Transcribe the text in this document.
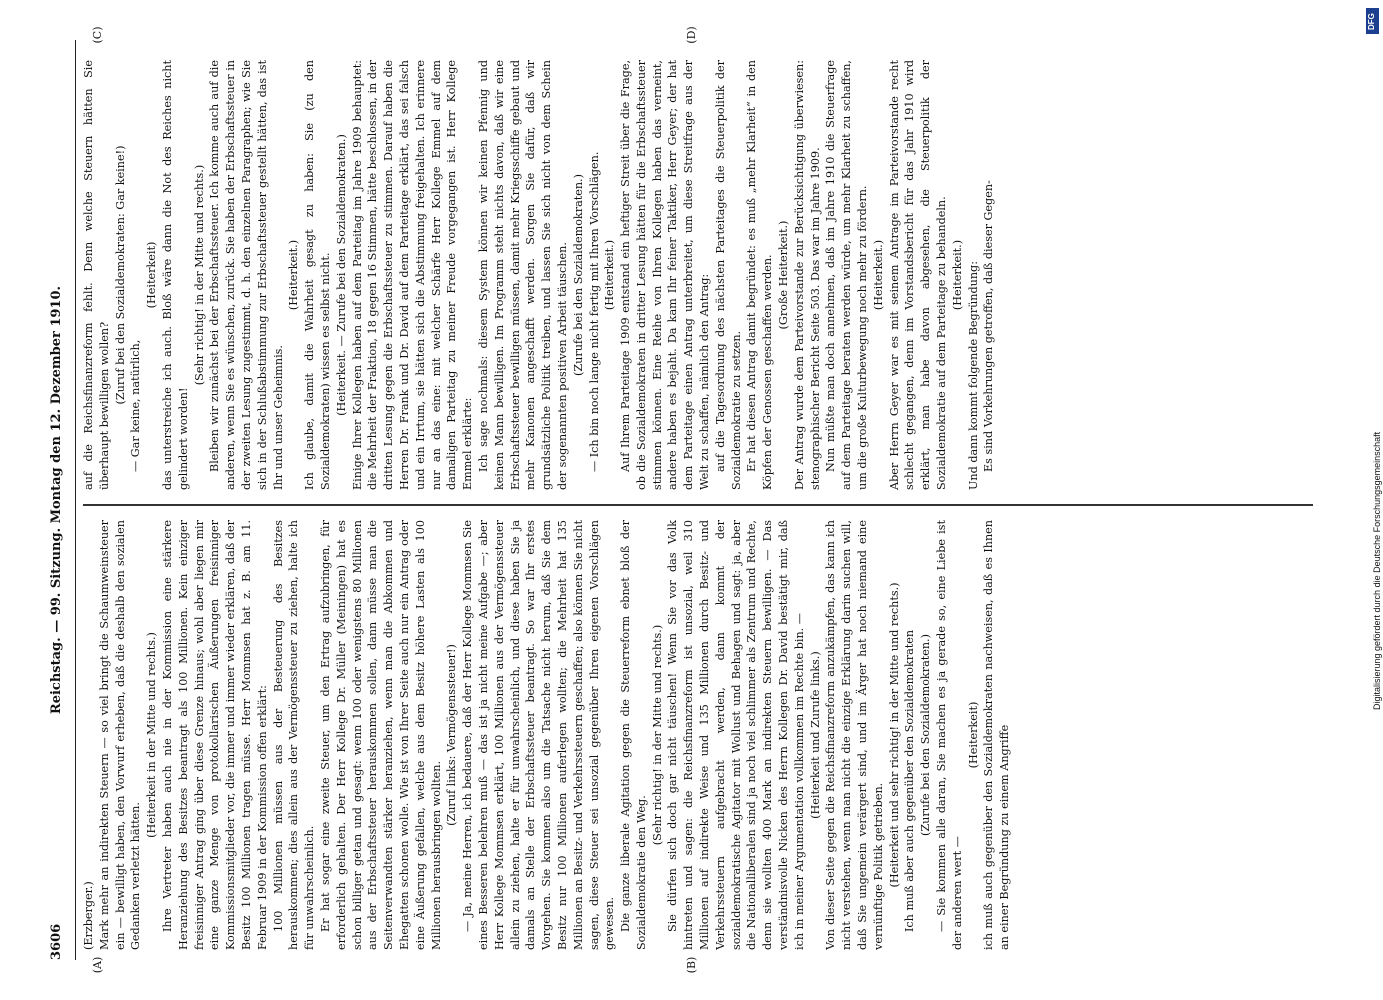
3606
Reichstag. — 99. Sitzung. Montag den 12. Dezember 1910.
(A)	(B)
(C)	(D)

(Erzberger.) Mark mehr an indirekten Steuern — so viel bringt die Schaumweinsteuer ein — bewilligt haben, den Vorwurf erheben, daß die deshalb den sozialen Gedanken verletzt hätten.

(Heiterkeit in der Mitte und rechts.) Ihre Vertreter haben auch nie in der Kommission eine stärkere Heranziehung des Besitzes beantragt als 100 Millionen. Kein einziger freisinniger Antrag ging über diese Grenze hinaus; wohl aber liegen mir eine ganze Menge von protokollarischen Äußerungen freisinniger Kommissionsmitglieder vor, die immer und immer wieder erklären, daß der Besitz 100 Millionen tragen müsse. Herr Mommsen hat z. B. am 11. Februar 1909 in der Kommission offen erklärt: 100 Millionen müssen aus der Besteuerung des Besitzes herauskommen; dies allein aus der Vermögenssteuer zu ziehen, halte ich für unwahrscheinlich. Er hat sogar eine zweite Steuer, um den Ertrag aufzubringen, für erforderlich gehalten. Der Herr Kollege Dr. Müller (Meiningen) hat es schon billiger getan und gesagt: wenn 100 oder wenigstens 80 Millionen aus der Erbschaftssteuer herauskommen sollen, dann müsse man die Seitenverwandten stärker heranziehen, wenn man die Abkommen und Ehegatten schonen wolle. Wie ist von Ihrer Seite auch nur ein Antrag oder eine Äußerung gefallen, welche aus dem Besitz höhere Lasten als 100 Millionen herausbringen wollten.

(Zuruf links: Vermögenssteuer!) — Ja, meine Herren, ich bedauere, daß der Herr Kollege Mommsen Sie eines Besseren belehren muß — das ist ja nicht meine Aufgabe —; aber Herr Kollege Mommsen erklärt, 100 Millionen aus der Vermögenssteuer allein zu ziehen, halte er für unwahrscheinlich, und diese haben Sie ja damals an Stelle der Erbschaftssteuer beantragt. So war Ihr erstes Vorgehen. Sie kommen also um die Tatsache nicht herum, daß Sie dem Besitz nur 100 Millionen auferlegen wollten; die Mehrheit hat 135 Millionen an Besitz- und Verkehrssteuern geschaffen; also können Sie nicht sagen, diese Steuer sei unsozial gegenüber Ihren eigenen Vorschlägen gewesen. Die ganze liberale Agitation gegen die Steuerreform ebnet bloß der Sozialdemokratie den Weg.

(Sehr richtig! in der Mitte und rechts.) Sie dürfen sich doch gar nicht täuschen! Wenn Sie vor das Volk hintreten und sagen: die Reichsfinanzreform ist unsozial, weil 310 Millionen auf indirekte Weise und 135 Millionen durch Besitz- und Verkehrssteuern aufgebracht werden, dann kommt der sozialdemokratische Agitator mit Wollust und Behagen und sagt: ja, aber die Nationalliberalen sind ja noch viel schlimmer als Zentrum und Rechte, denn sie wollten 400 Mark an indirekten Steuern bewilligen. — Das verständnisvolle Nicken des Herrn Kollegen Dr. David bestätigt mir, daß ich in meiner Argumentation vollkommen im Rechte bin. — (Heiterkeit und Zurufe links.) Von dieser Seite gegen die Reichsfinanzreform anzukämpfen, das kann ich nicht verstehen, wenn man nicht die einzige Erklärung darin suchen will, daß Sie ungemein verärgert sind, und im Ärger hat noch niemand eine vernünftige Politik getrieben. (Heiterkeit und sehr richtig! in der Mitte und rechts.) Ich muß aber auch gegenüber den Sozialdemokraten (Zurufe bei den Sozialdemokraten.) — Sie kommen alle daran, Sie machen es ja gerade so, eine Liebe ist der anderen wert —

(Heiterkeit) ich muß auch gegenüber den Sozialdemokraten nachweisen, daß es Ihnen an einer Begründung zu einem Angriffe

auf die Reichsfinanzreform fehlt. Denn welche Steuern hätten Sie überhaupt bewilligen wollen?

(Zuruf bei den Sozialdemokraten: Gar keine!)

— Gar keine, natürlich,

(Heiterkeit) das unterstreiche ich auch. Bloß wäre dann die Not des Reiches nicht gelindert worden!

(Sehr richtig! in der Mitte und rechts.) Bleiben wir zunächst bei der Erbschaftssteuer. Ich komme auch auf die anderen, wenn Sie es wünschen, zurück. Sie haben der Erbschaftssteuer in der zweiten Lesung zugestimmt, d. h. den einzelnen Paragraphen; wie Sie sich in der Schlußabstimmung zur Erbschaftssteuer gestellt hätten, das ist Ihr und unser Geheimnis.

(Heiterkeit.) Ich glaube, damit die Wahrheit gesagt zu haben: Sie (zu den Sozialdemokraten) wissen es selbst nicht. (Heiterkeit. — Zurufe bei den Sozialdemokraten.) Einige Ihrer Kollegen haben auf dem Parteitag im Jahre 1909 behauptet: die Mehrheit der Fraktion, 18 gegen 16 Stimmen, hätte beschlossen, in der dritten Lesung gegen die Erbschaftssteuer zu stimmen. Darauf haben die Herren Dr. Frank und Dr. David auf dem Parteitage erklärt, das sei falsch und ein Irrtum, sie hätten sich die Abstimmung freigehalten. Ich erinnere nur an das eine: mit welcher Schärfe Herr Kollege Emmel auf dem damaligen Parteitag zu meiner Freude vorgegangen ist. Herr Kollege Emmel erklärte: Ich sage nochmals: diesem System können wir keinen Pfennig und keinen Mann bewilligen. Im Programm steht nichts davon, daß wir eine Erbschaftssteuer bewilligen müssen, damit mehr Kriegsschiffe gebaut und mehr Kanonen angeschafft werden. Sorgen Sie dafür, daß wir grundsätzliche Politik treiben, und lassen Sie sich nicht von dem Schein der sogenannten positiven Arbeit täuschen. (Zurufe bei den Sozialdemokraten.) — Ich bin noch lange nicht fertig mit Ihren Vorschlägen. (Heiterkeit.) Auf Ihrem Parteitage 1909 entstand ein heftiger Streit über die Frage, ob die Sozialdemokraten in dritter Lesung hätten für die Erbschaftssteuer stimmen können. Eine Reihe von Ihren Kollegen haben das verneint, andere haben es bejaht. Da kam Ihr feiner Taktiker, Herr Geyer; der hat dem Parteitage einen Antrag unterbreitet, um diese Streitfrage aus der Welt zu schaffen, nämlich den Antrag: auf die Tagesordnung des nächsten Parteitages die Steuerpolitik der Sozialdemokratie zu setzen. Er hat diesen Antrag damit begründet: es muß „mehr Klarheit“ in den Köpfen der Genossen geschaffen werden. (Große Heiterkeit.) Der Antrag wurde dem Parteivorstande zur Berücksichtigung überwiesen: stenographischer Bericht Seite 503. Das war im Jahre 1909. Nun müßte man doch annehmen, daß im Jahre 1910 die Steuerfrage auf dem Parteitage beraten werden würde, um mehr Klarheit zu schaffen, um die große Kulturbewegung noch mehr zu fördern. (Heiterkeit.) Aber Herrn Geyer war es mit seinem Antrage im Parteivorstande recht schlecht gegangen, denn im Vorstandsbericht für das Jahr 1910 wird erklärt, man habe davon abgesehen, die Steuerpolitik der Sozialdemokratie auf dem Parteitage zu behandeln. (Heiterkeit.) Und dann kommt folgende Begründung: Es sind Vorkehrungen getroffen, daß dieser Gegen-

Digitalisierung gefördert durch die Deutsche Forschungsgemeinschaft
DFG
